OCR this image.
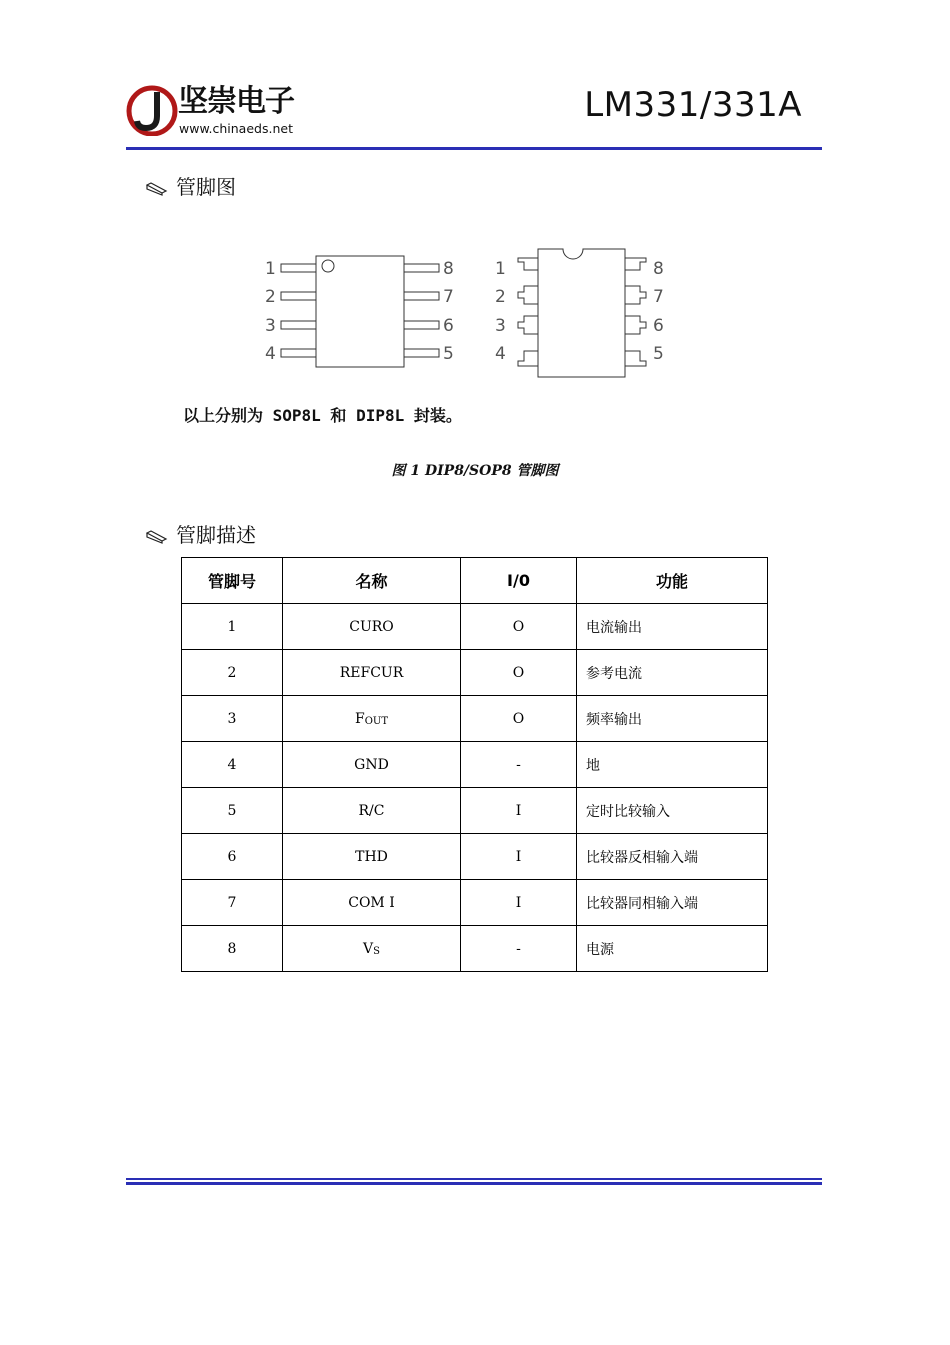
坚崇电子
www.chinaeds.net
LM331/331A
管脚图
1
2
3
4
8
7
6
5
1
2
3
4
8
7
6
5
以上分别为 SOP8L 和 DIP8L 封装。
图 1 DIP8/SOP8 管脚图
管脚描述
管脚号	名称	I/0	功能
1	CURO	O	电流输出
2	REFCUR	O	参考电流
3	FOUT	O	频率输出
4	GND	-	地
5	R/C	I	定时比较输入
6	THD	I	比较器反相输入端
7	COM I	I	比较器同相输入端
8	VS	-	电源
